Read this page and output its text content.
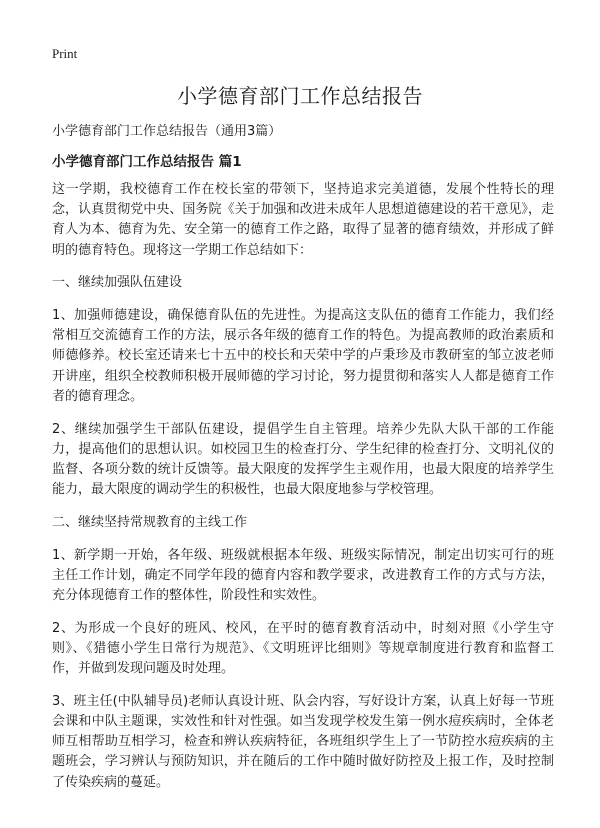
Print
小学德育部门工作总结报告

小学德育部门工作总结报告（通用3篇）

小学德育部门工作总结报告 篇1

这一学期，我校德育工作在校长室的带领下，坚持追求完美道德，发展个性特长的理念，认真贯彻党中央、国务院《关于加强和改进未成年人思想道德建设的若干意见》，走育人为本、德育为先、安全第一的德育工作之路，取得了显著的德育绩效，并形成了鲜明的德育特色。现将这一学期工作总结如下：

一、继续加强队伍建设

1、加强师德建设，确保德育队伍的先进性。为提高这支队伍的德育工作能力，我们经常相互交流德育工作的方法，展示各年级的德育工作的特色。为提高教师的政治素质和师德修养。校长室还请来七十五中的校长和天荣中学的卢秉珍及市教研室的邹立波老师开讲座，组织全校教师积极开展师德的学习讨论，努力提贯彻和落实人人都是德育工作者的德育理念。

2、继续加强学生干部队伍建设，提倡学生自主管理。培养少先队大队干部的工作能力，提高他们的思想认识。如校园卫生的检查打分、学生纪律的检查打分、文明礼仪的监督、各项分数的统计反馈等。最大限度的发挥学生主观作用，也最大限度的培养学生能力，最大限度的调动学生的积极性，也最大限度地参与学校管理。

二、继续坚持常规教育的主线工作

1、新学期一开始，各年级、班级就根据本年级、班级实际情况，制定出切实可行的班主任工作计划，确定不同学年段的德育内容和教学要求，改进教育工作的方式与方法，充分体现德育工作的整体性，阶段性和实效性。

2、为形成一个良好的班风、校风，在平时的德育教育活动中，时刻对照《小学生守则》、《猎德小学生日常行为规范》、《文明班评比细则》等规章制度进行教育和监督工作，并做到发现问题及时处理。

3、班主任(中队辅导员)老师认真设计班、队会内容，写好设计方案，认真上好每一节班会课和中队主题课，实效性和针对性强。如当发现学校发生第一例水痘疾病时，全体老师互相帮助互相学习，检查和辨认疾病特征，各班组织学生上了一节防控水痘疾病的主题班会，学习辨认与预防知识，并在随后的工作中随时做好防控及上报工作，及时控制了传染疾病的蔓延。
